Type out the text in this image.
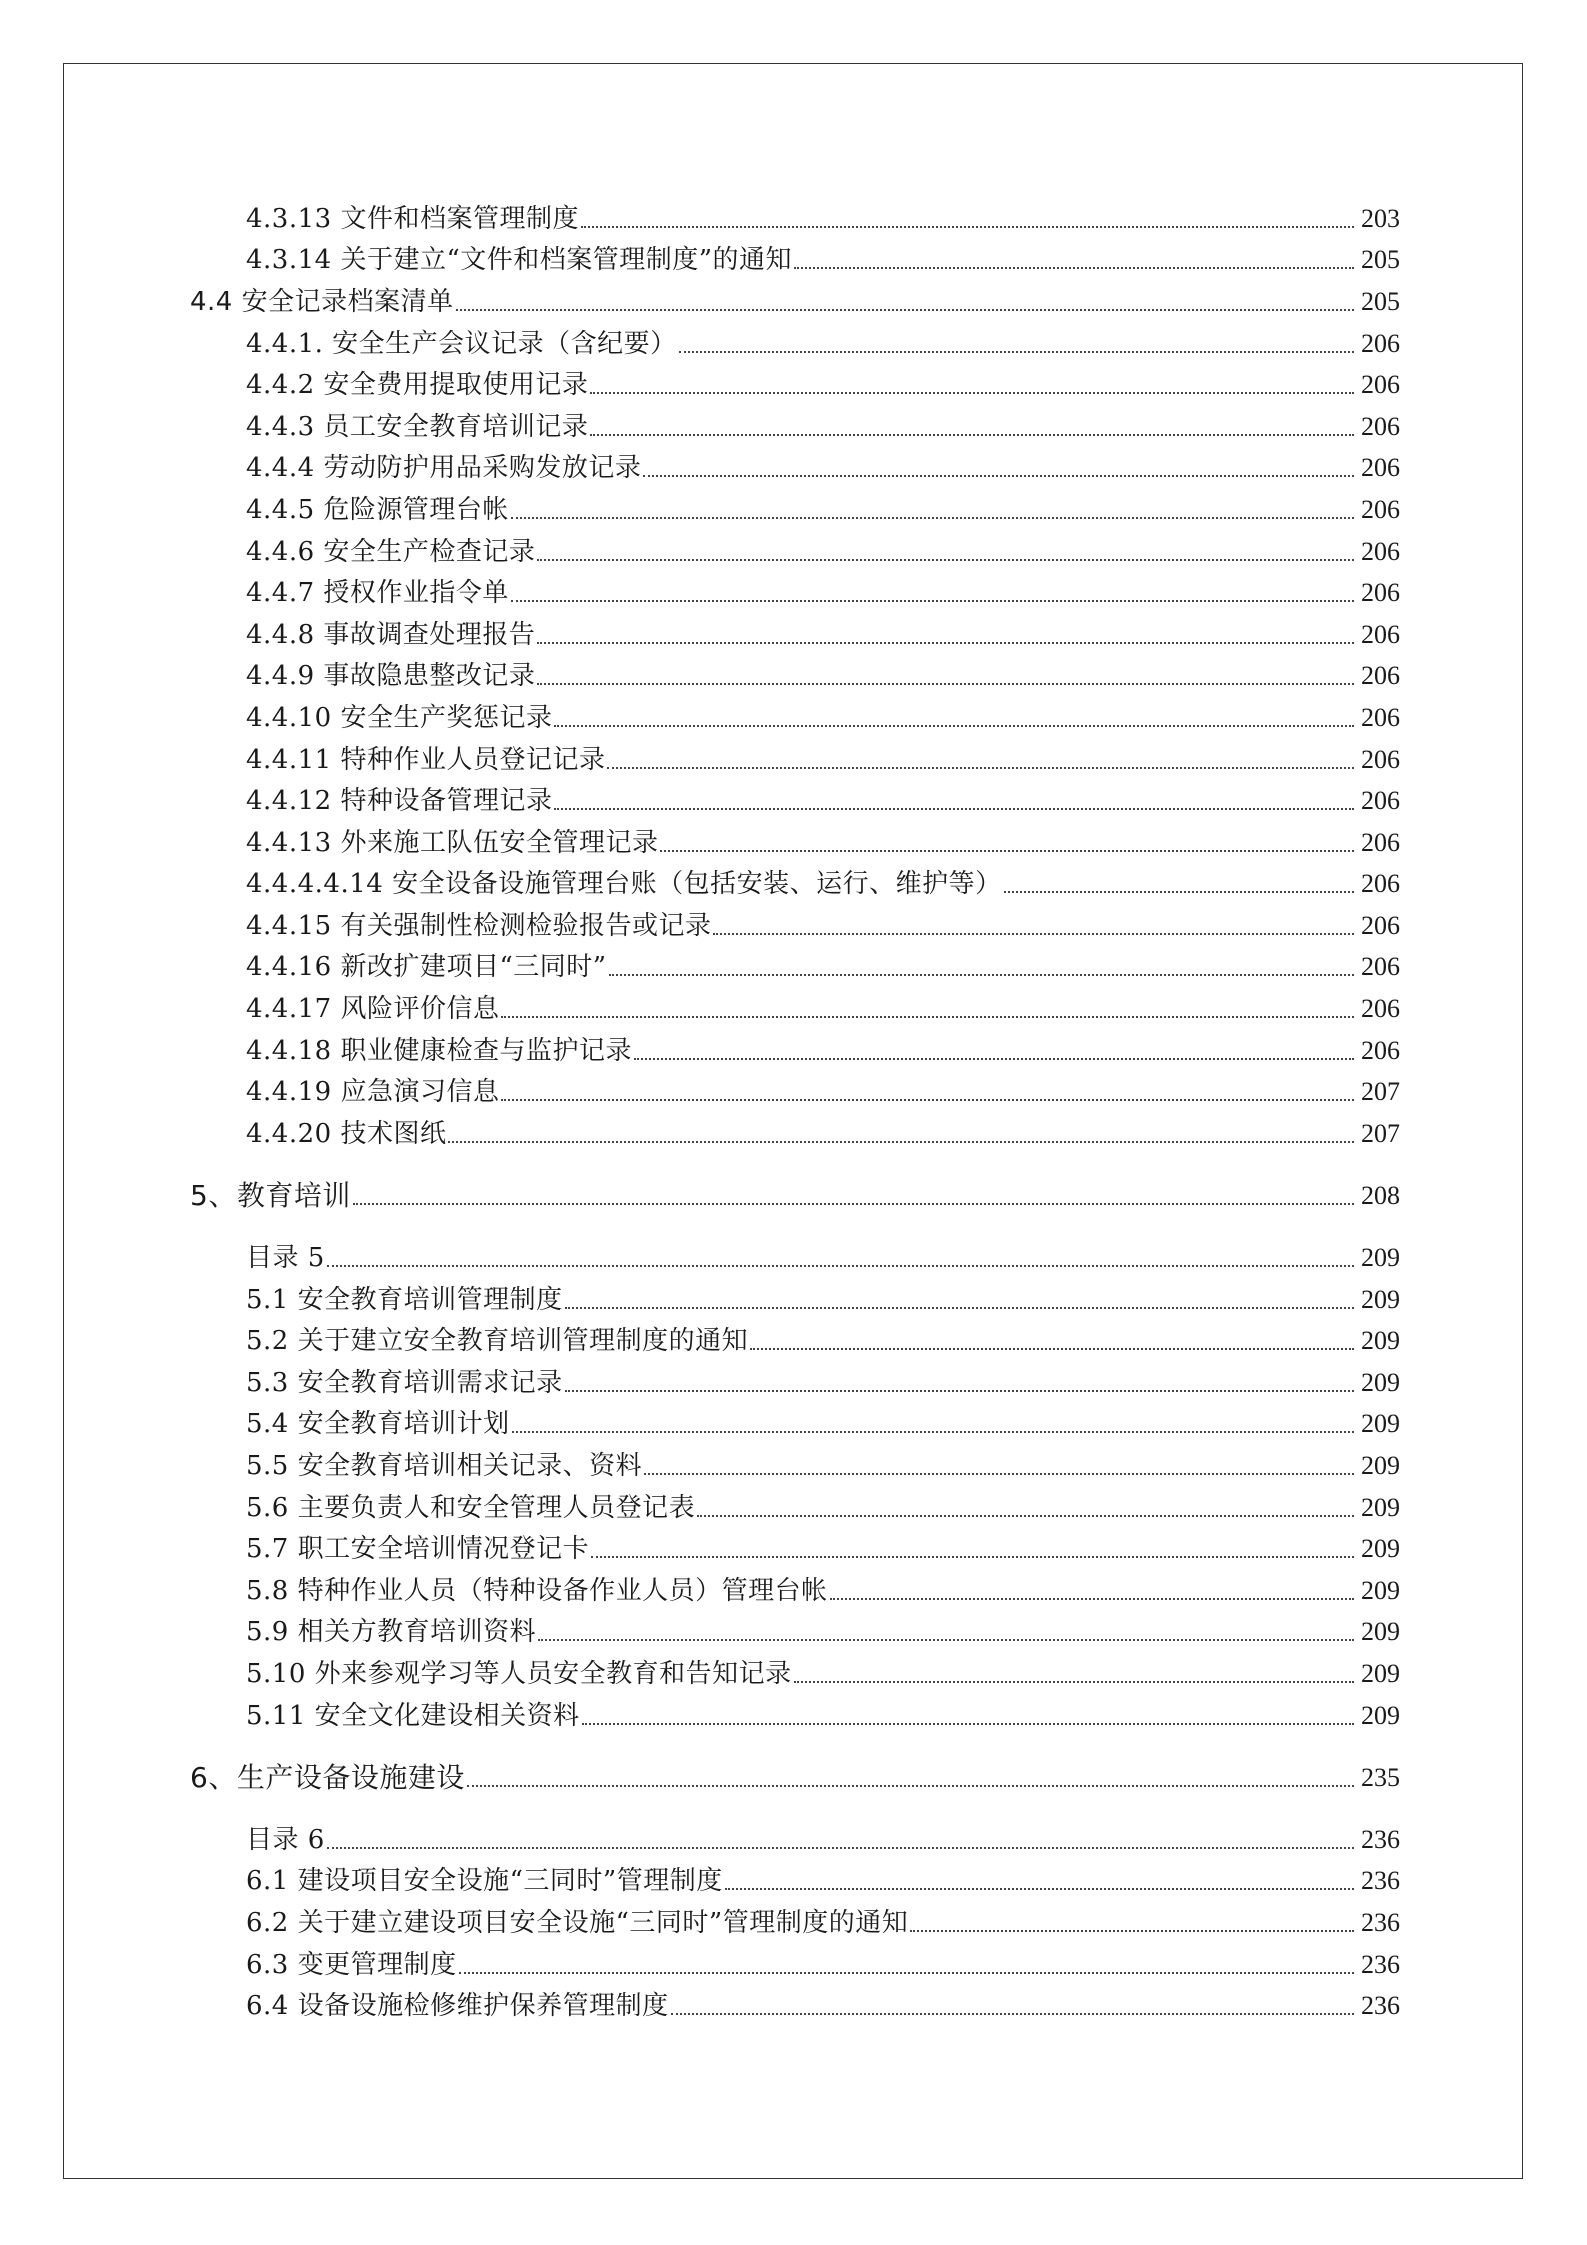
4.3.13 文件和档案管理制度	203
4.3.14 关于建立“文件和档案管理制度”的通知	205
4.4 安全记录档案清单	205
4.4.1. 安全生产会议记录（含纪要）	206
4.4.2 安全费用提取使用记录	206
4.4.3 员工安全教育培训记录	206
4.4.4 劳动防护用品采购发放记录	206
4.4.5 危险源管理台帐	206
4.4.6 安全生产检查记录	206
4.4.7 授权作业指令单	206
4.4.8 事故调查处理报告	206
4.4.9 事故隐患整改记录	206
4.4.10 安全生产奖惩记录	206
4.4.11 特种作业人员登记记录	206
4.4.12 特种设备管理记录	206
4.4.13 外来施工队伍安全管理记录	206
4.4.4.4.14 安全设备设施管理台账（包括安装、运行、维护等）	206
4.4.15 有关强制性检测检验报告或记录	206
4.4.16 新改扩建项目“三同时”	206
4.4.17 风险评价信息	206
4.4.18 职业健康检查与监护记录	206
4.4.19 应急演习信息	207
4.4.20 技术图纸	207
5、教育培训	208
目录 5	209
5.1 安全教育培训管理制度	209
5.2 关于建立安全教育培训管理制度的通知	209
5.3 安全教育培训需求记录	209
5.4 安全教育培训计划	209
5.5 安全教育培训相关记录、资料	209
5.6 主要负责人和安全管理人员登记表	209
5.7 职工安全培训情况登记卡	209
5.8 特种作业人员（特种设备作业人员）管理台帐	209
5.9 相关方教育培训资料	209
5.10 外来参观学习等人员安全教育和告知记录	209
5.11 安全文化建设相关资料	209
6、生产设备设施建设	235
目录 6	236
6.1 建设项目安全设施“三同时”管理制度	236
6.2 关于建立建设项目安全设施“三同时”管理制度的通知	236
6.3 变更管理制度	236
6.4 设备设施检修维护保养管理制度	236
